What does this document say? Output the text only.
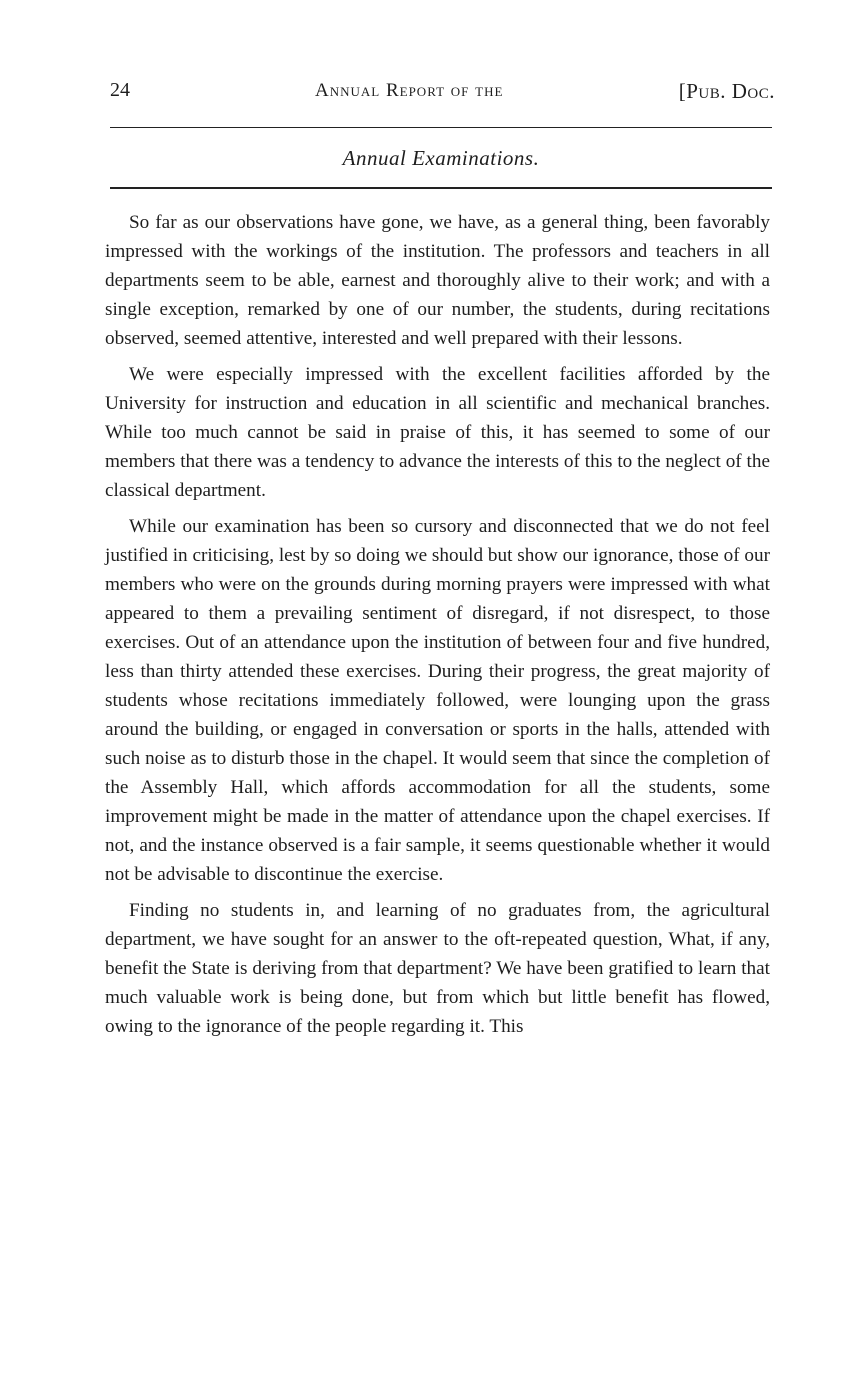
24	Annual Report of the	[Pub. Doc.
Annual Examinations.

So far as our observations have gone, we have, as a general thing, been favorably impressed with the workings of the institution. The professors and teachers in all departments seem to be able, earnest and thoroughly alive to their work; and with a single exception, remarked by one of our number, the students, during recitations observed, seemed attentive, interested and well prepared with their lessons.

We were especially impressed with the excellent facilities afforded by the University for instruction and education in all scientific and mechanical branches. While too much cannot be said in praise of this, it has seemed to some of our members that there was a tendency to advance the interests of this to the neglect of the classical department.

While our examination has been so cursory and disconnected that we do not feel justified in criticising, lest by so doing we should but show our ignorance, those of our members who were on the grounds during morning prayers were impressed with what appeared to them a prevailing sentiment of disregard, if not disrespect, to those exercises. Out of an attendance upon the institution of between four and five hundred, less than thirty attended these exercises. During their progress, the great majority of students whose recitations immediately followed, were lounging upon the grass around the building, or engaged in conversation or sports in the halls, attended with such noise as to disturb those in the chapel. It would seem that since the completion of the Assembly Hall, which affords accommodation for all the students, some improvement might be made in the matter of attendance upon the chapel exercises. If not, and the instance observed is a fair sample, it seems questionable whether it would not be advisable to discontinue the exercise.

Finding no students in, and learning of no graduates from, the agricultural department, we have sought for an answer to the oft-repeated question, What, if any, benefit the State is deriving from that department? We have been gratified to learn that much valuable work is being done, but from which but little benefit has flowed, owing to the ignorance of the people regarding it. This
